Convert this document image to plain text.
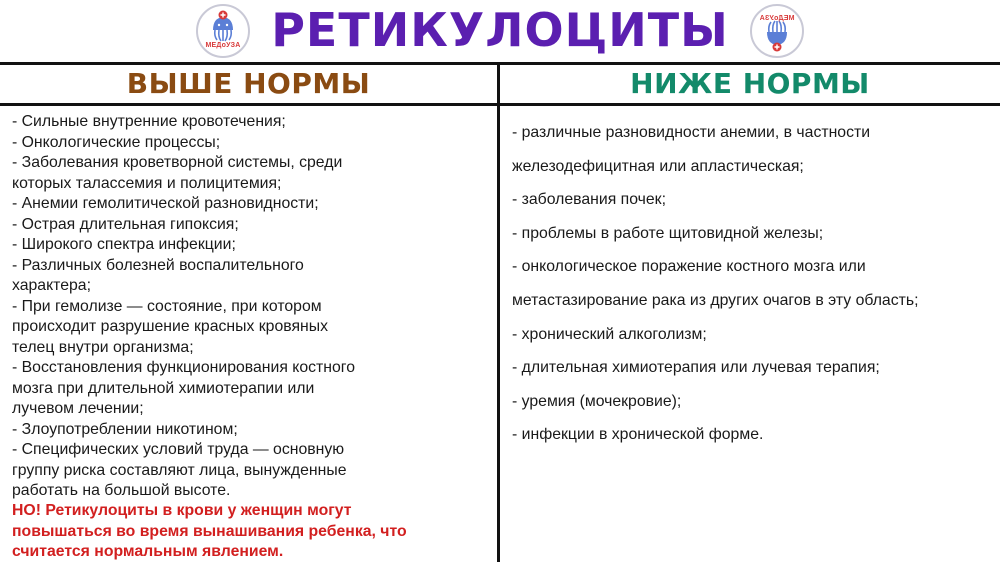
МЕДоУЗА РЕТИКУЛОЦИТЫ	МЕДоУЗА
ВЫШЕ НОРМЫ	НИЖЕ НОРМЫ
- Сильные внутренние кровотечения;
- Онкологические процессы;
- Заболевания кроветворной системы, среди
которых талассемия и полицитемия;
- Анемии гемолитической разновидности;
- Острая длительная гипоксия;
- Широкого спектра инфекции;
- Различных болезней воспалительного
характера;
- При гемолизе — состояние, при котором
происходит разрушение красных кровяных
телец внутри организма;
- Восстановления функционирования костного
мозга при длительной химиотерапии или
лучевом лечении;
- Злоупотреблении никотином;
- Специфических условий труда — основную
группу риска составляют лица, вынужденные
работать на большой высоте.
НО! Ретикулоциты в крови у женщин могут
повышаться во время вынашивания ребенка, что
считается нормальным явлением.
- различные разновидности анемии, в частности
железодефицитная или апластическая;
- заболевания почек;
- проблемы в работе щитовидной железы;
- онкологическое поражение костного мозга или
метастазирование рака из других очагов в эту область;
- хронический алкоголизм;
- длительная химиотерапия или лучевая терапия;
- уремия (мочекровие);
- инфекции в хронической форме.
